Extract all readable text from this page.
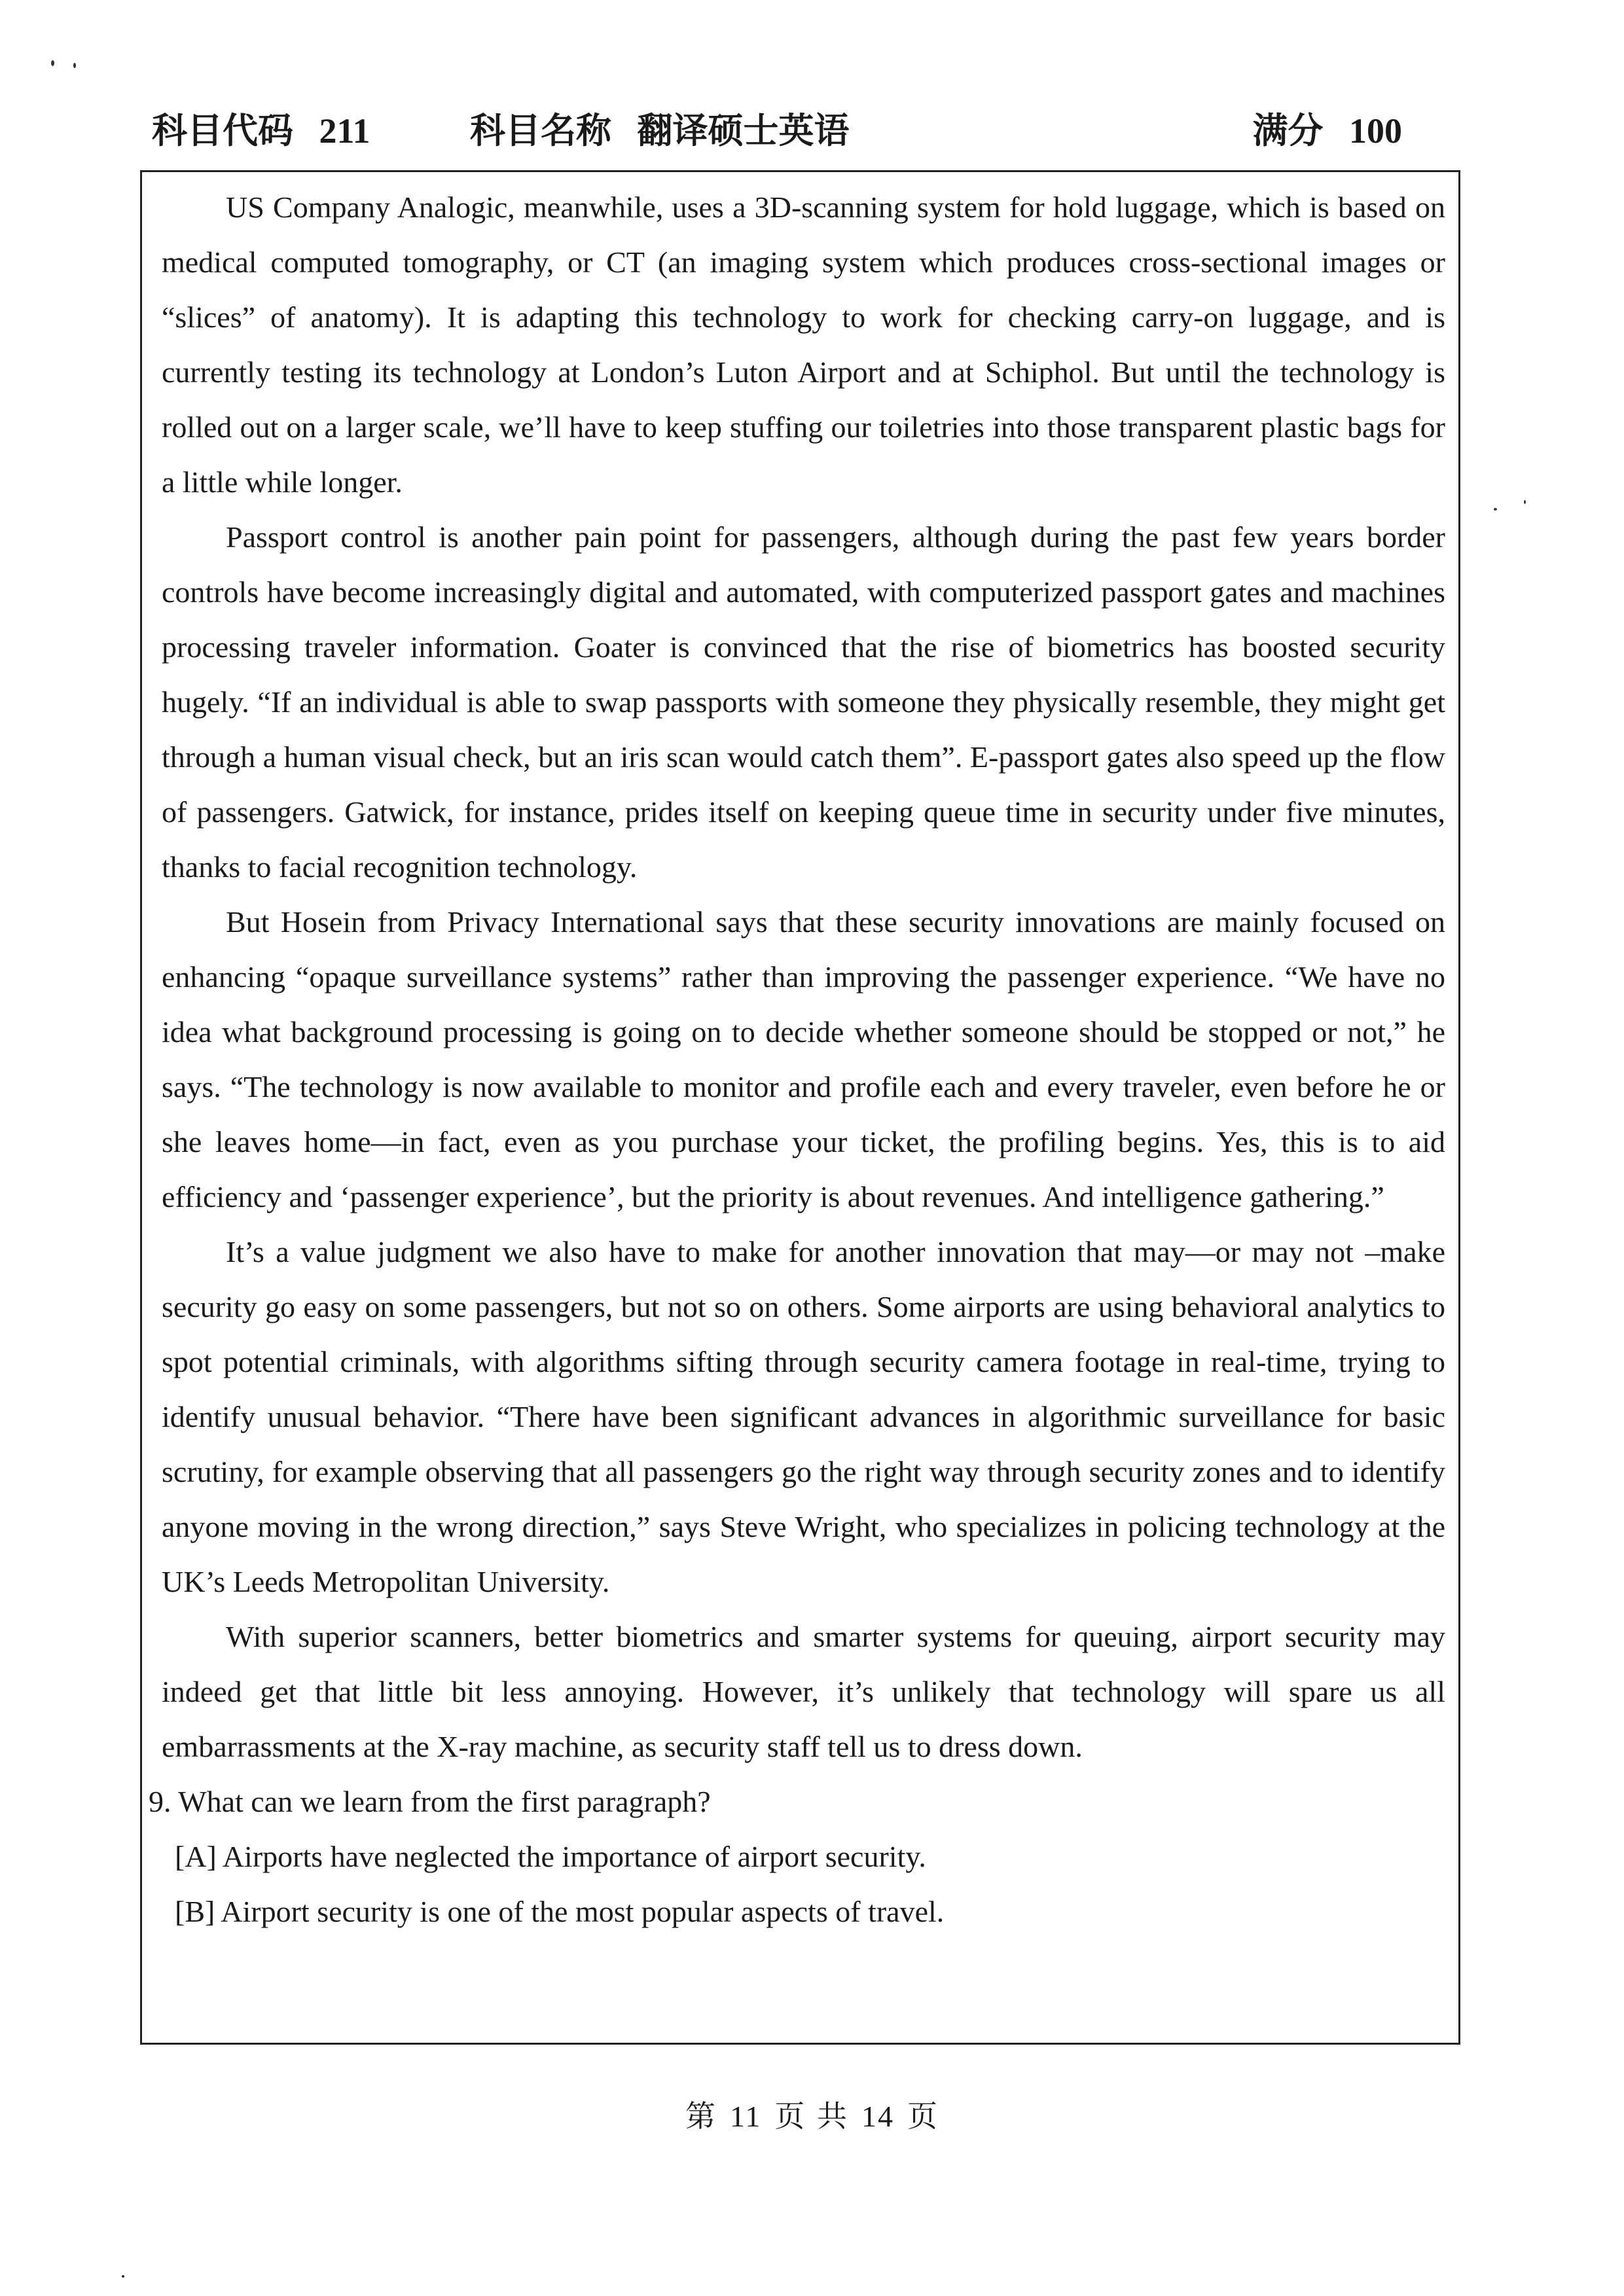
科目代码 211	科目名称 翻译硕士英语	满分 100

US Company Analogic, meanwhile, uses a 3D-scanning system for hold luggage, which is based on medical computed tomography, or CT (an imaging system which produces cross-sectional images or “slices” of anatomy). It is adapting this technology to work for checking carry-on luggage, and is currently testing its technology at London’s Luton Airport and at Schiphol. But until the technology is rolled out on a larger scale, we’ll have to keep stuffing our toiletries into those transparent plastic bags for a little while longer.

Passport control is another pain point for passengers, although during the past few years border controls have become increasingly digital and automated, with computerized passport gates and machines processing traveler information. Goater is convinced that the rise of biometrics has boosted security hugely. “If an individual is able to swap passports with someone they physically resemble, they might get through a human visual check, but an iris scan would catch them”. E-passport gates also speed up the flow of passengers. Gatwick, for instance, prides itself on keeping queue time in security under five minutes, thanks to facial recognition technology.

But Hosein from Privacy International says that these security innovations are mainly focused on enhancing “opaque surveillance systems” rather than improving the passenger experience. “We have no idea what background processing is going on to decide whether someone should be stopped or not,” he says. “The technology is now available to monitor and profile each and every traveler, even before he or she leaves home—in fact, even as you purchase your ticket, the profiling begins. Yes, this is to aid efficiency and ‘passenger experience’, but the priority is about revenues. And intelligence gathering.”

It’s a value judgment we also have to make for another innovation that may—or may not –make security go easy on some passengers, but not so on others. Some airports are using behavioral analytics to spot potential criminals, with algorithms sifting through security camera footage in real-time, trying to identify unusual behavior. “There have been significant advances in algorithmic surveillance for basic scrutiny, for example observing that all passengers go the right way through security zones and to identify anyone moving in the wrong direction,” says Steve Wright, who specializes in policing technology at the UK’s Leeds Metropolitan University.

With superior scanners, better biometrics and smarter systems for queuing, airport security may indeed get that little bit less annoying. However, it’s unlikely that technology will spare us all embarrassments at the X-ray machine, as security staff tell us to dress down.

9. What can we learn from the first paragraph?

[A] Airports have neglected the importance of airport security.

[B] Airport security is one of the most popular aspects of travel.

第 11 页 共 14 页
